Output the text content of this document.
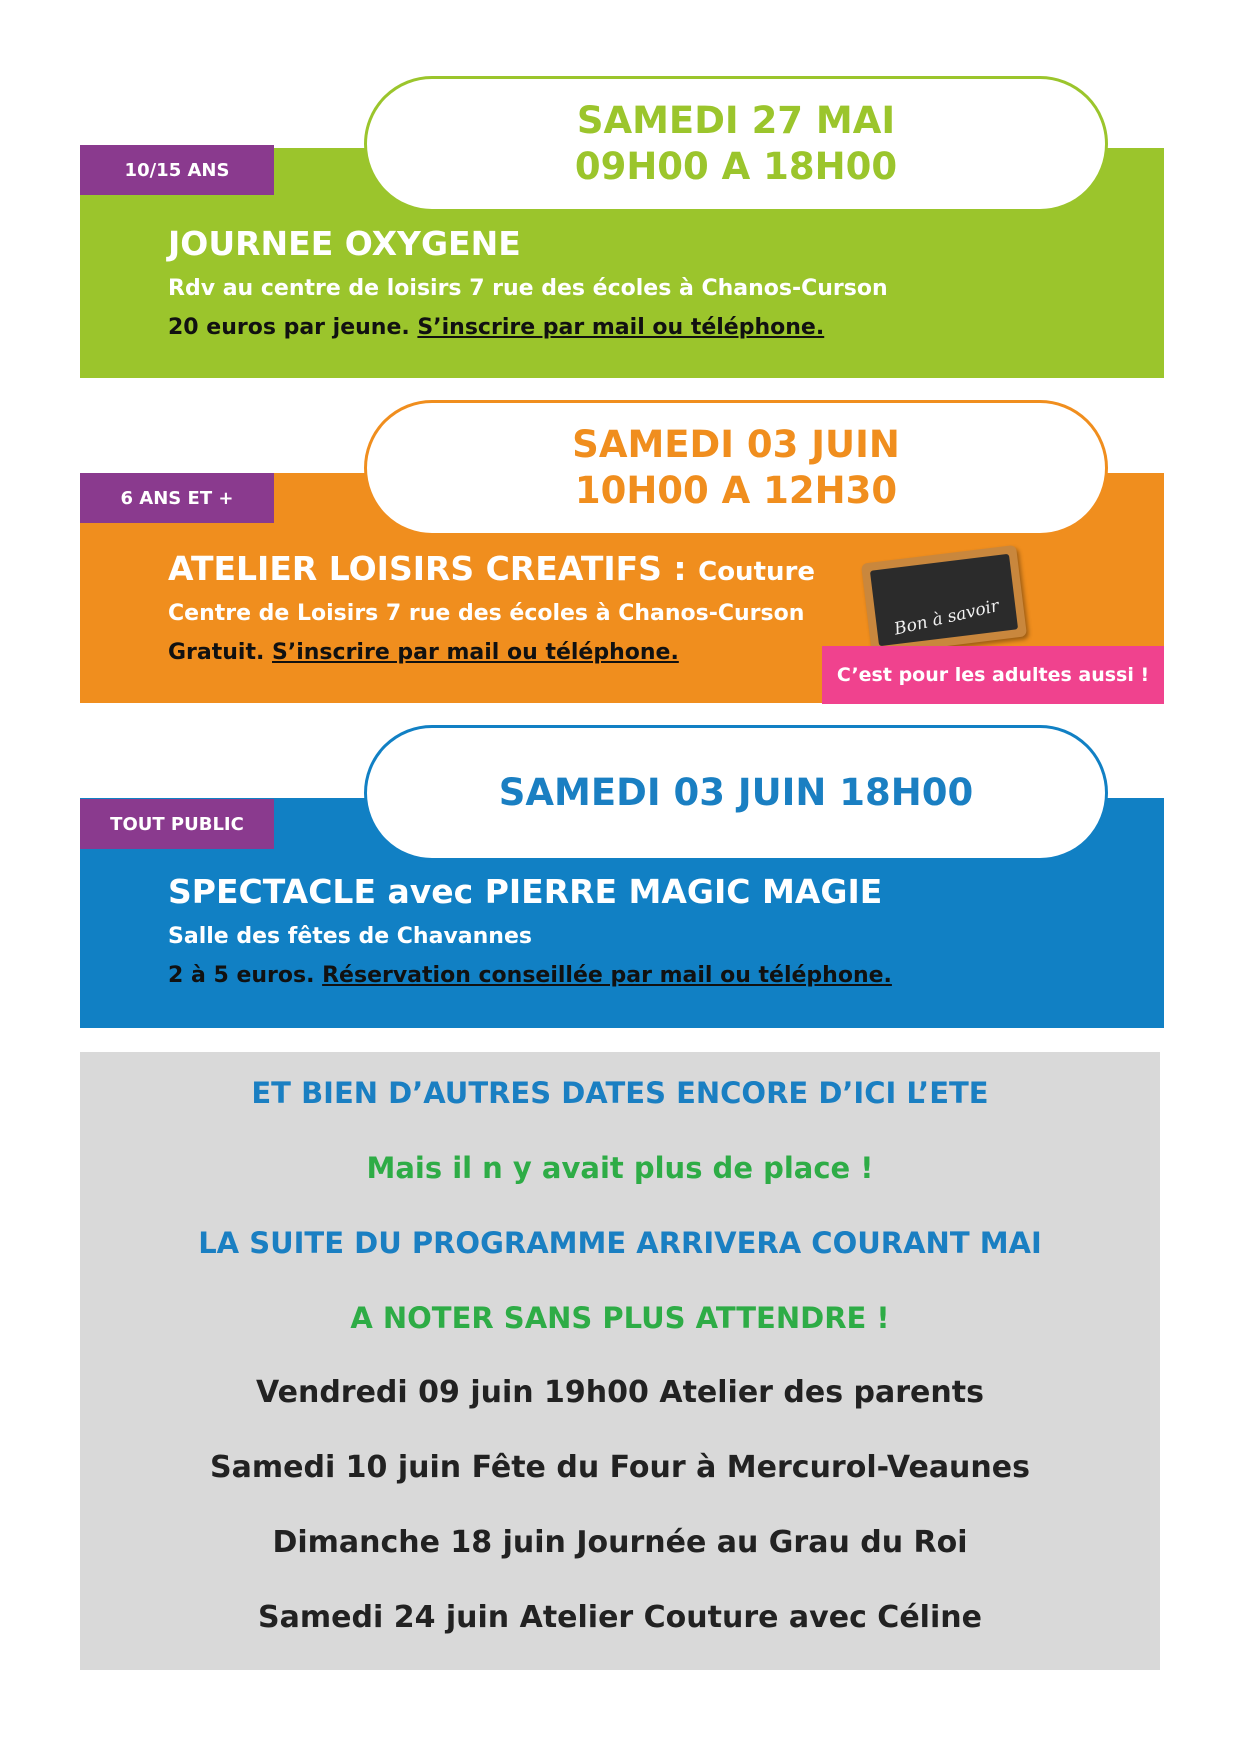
SAMEDI 27 MAI
09H00 A 18H00
10/15 ANS
JOURNEE OXYGENE
Rdv au centre de loisirs 7 rue des écoles à Chanos-Curson
20 euros par jeune. S’inscrire par mail ou téléphone.
SAMEDI 03 JUIN
10H00 A 12H30
6 ANS ET +
ATELIER LOISIRS CREATIFS : Couture
Centre de Loisirs 7 rue des écoles à Chanos-Curson
Gratuit. S’inscrire par mail ou téléphone.
Bon à savoir
C’est pour les adultes aussi !
SAMEDI 03 JUIN 18H00
TOUT PUBLIC
SPECTACLE avec PIERRE MAGIC MAGIE
Salle des fêtes de Chavannes
2 à 5 euros. Réservation conseillée par mail ou téléphone.
ET BIEN D’AUTRES DATES ENCORE D’ICI L’ETE
Mais il n y avait plus de place !
LA SUITE DU PROGRAMME ARRIVERA COURANT MAI
A NOTER SANS PLUS ATTENDRE !
Vendredi 09 juin 19h00 Atelier des parents
Samedi 10 juin Fête du Four à Mercurol-Veaunes
Dimanche 18 juin Journée au Grau du Roi
Samedi 24 juin Atelier Couture avec Céline
